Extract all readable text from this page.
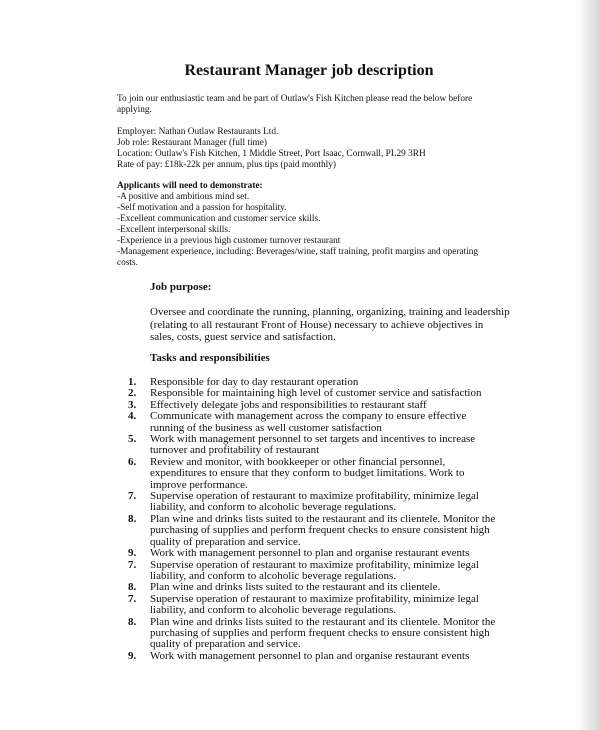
Restaurant Manager job description
To join our enthusiastic team and be part of Outlaw's Fish Kitchen please read the below before
applying.
Employer: Nathan Outlaw Restaurants Ltd.
Job role: Restaurant Manager (full time)
Location: Outlaw's Fish Kitchen, 1 Middle Street, Port Isaac, Cornwall, PL29 3RH
Rate of pay: £18k-22k per annum, plus tips (paid monthly)
Applicants will need to demonstrate:
-A positive and ambitious mind set.
-Self motivation and a passion for hospitality.
-Excellent communication and customer service skills.
-Excellent interpersonal skills.
-Experience in a previous high customer turnover restaurant
-Management experience, including: Beverages/wine, staff training, profit margins and operating
costs.
Job purpose:
Oversee and coordinate the running, planning, organizing, training and leadership (relating to all restaurant Front of House) necessary to achieve objectives in sales, costs, guest service and satisfaction.
Tasks and responsibilities
1.	Responsible for day to day restaurant operation
2.	Responsible for maintaining high level of customer service and satisfaction
3.	Effectively delegate jobs and responsibilities to restaurant staff
4.	Communicate with management across the company to ensure effective running of the business as well customer satisfaction
5.	Work with management personnel to set targets and incentives to increase turnover and profitability of restaurant
6.	Review and monitor, with bookkeeper or other financial personnel, expenditures to ensure that they conform to budget limitations. Work to improve performance.
7.	Supervise operation of restaurant to maximize profitability, minimize legal liability, and conform to alcoholic beverage regulations.
8.	Plan wine and drinks lists suited to the restaurant and its clientele. Monitor the purchasing of supplies and perform frequent checks to ensure consistent high quality of preparation and service.
9.	Work with management personnel to plan and organise restaurant events
7.	Supervise operation of restaurant to maximize profitability, minimize legal liability, and conform to alcoholic beverage regulations.
8.	Plan wine and drinks lists suited to the restaurant and its clientele.
7.	Supervise operation of restaurant to maximize profitability, minimize legal liability, and conform to alcoholic beverage regulations.
8.	Plan wine and drinks lists suited to the restaurant and its clientele. Monitor the purchasing of supplies and perform frequent checks to ensure consistent high quality of preparation and service.
9.	Work with management personnel to plan and organise restaurant events
